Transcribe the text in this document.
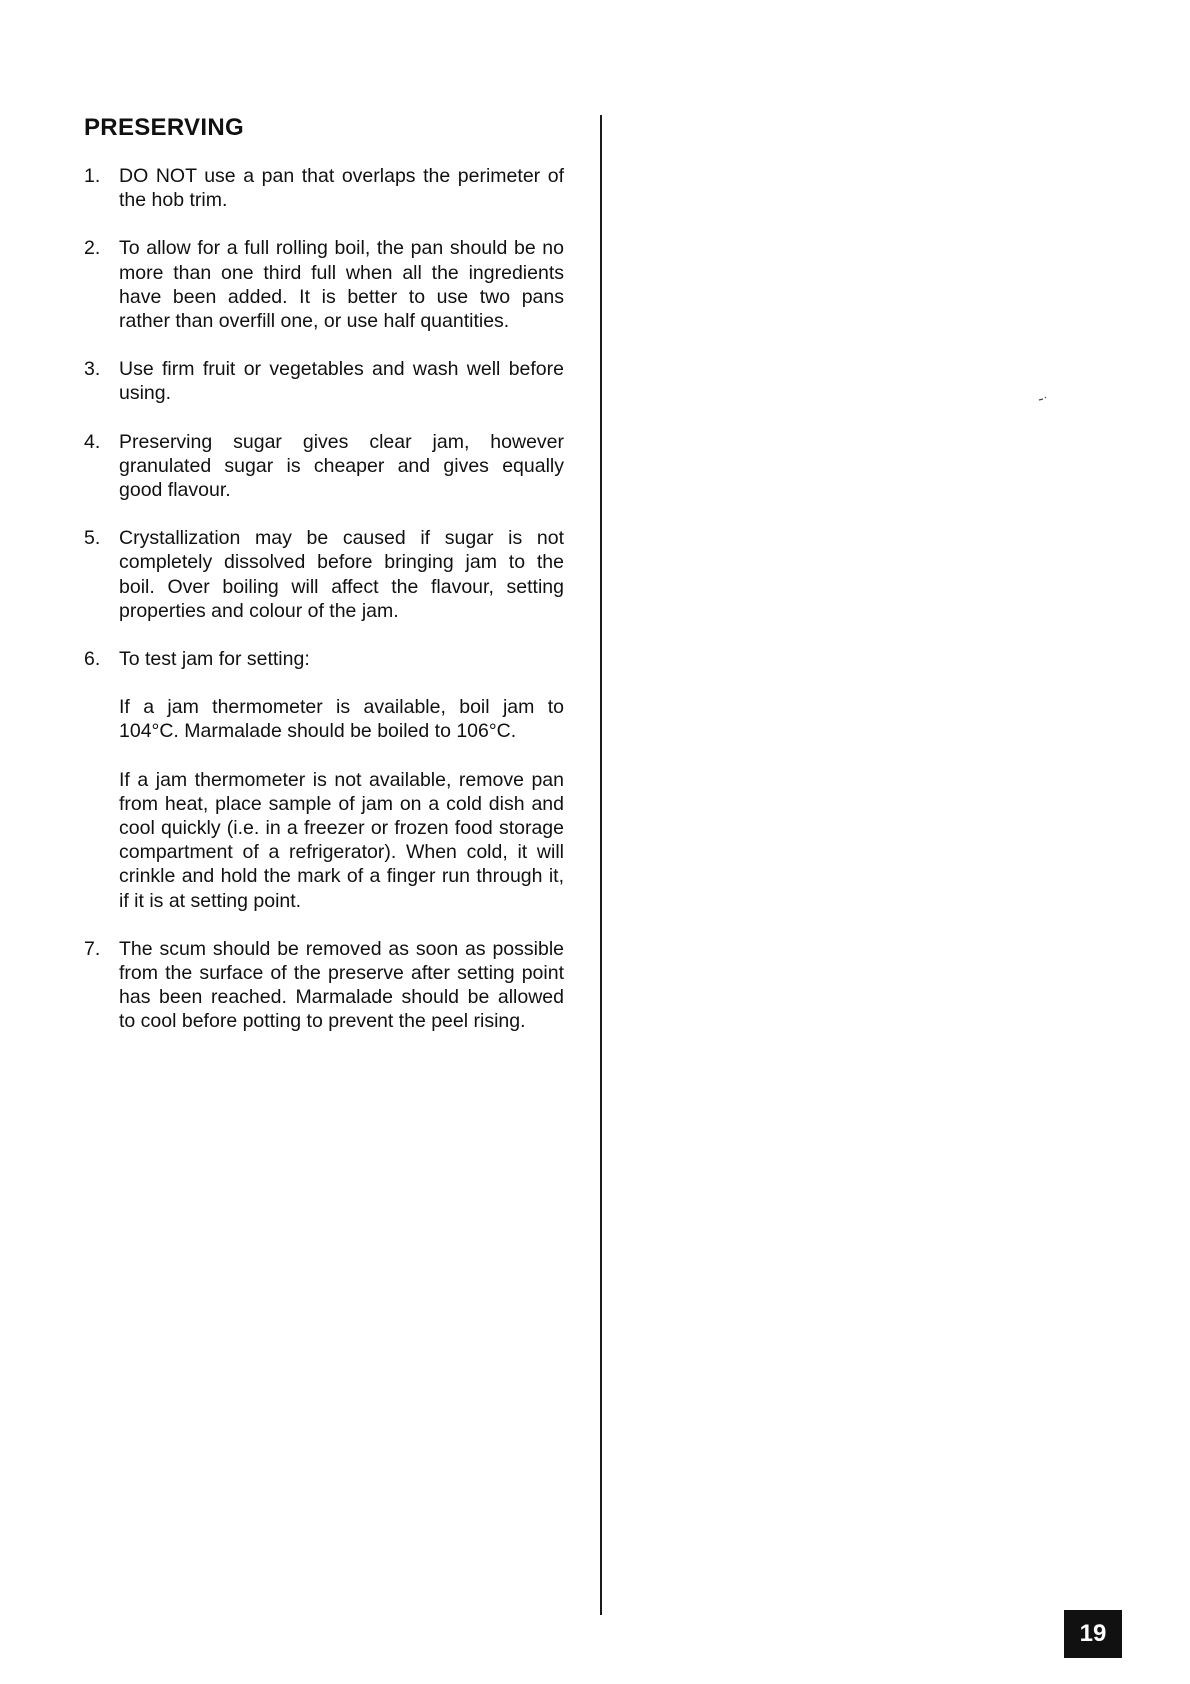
PRESERVING
1. DO NOT use a pan that overlaps the perimeter of the hob trim.

2. To allow for a full rolling boil, the pan should be no more than one third full when all the ingredients have been added. It is better to use two pans rather than overfill one, or use half quantities.

3. Use firm fruit or vegetables and wash well before using.

4. Preserving sugar gives clear jam, however granulated sugar is cheaper and gives equally good flavour.

5. Crystallization may be caused if sugar is not completely dissolved before bringing jam to the boil. Over boiling will affect the flavour, setting properties and colour of the jam.

6. To test jam for setting:

If a jam thermometer is available, boil jam to 104°C. Marmalade should be boiled to 106°C.

If a jam thermometer is not available, remove pan from heat, place sample of jam on a cold dish and cool quickly (i.e. in a freezer or frozen food storage compartment of a refrigerator). When cold, it will crinkle and hold the mark of a finger run through it, if it is at setting point.

7. The scum should be removed as soon as possible from the surface of the preserve after setting point has been reached. Marmalade should be allowed to cool before potting to prevent the peel rising.

19
